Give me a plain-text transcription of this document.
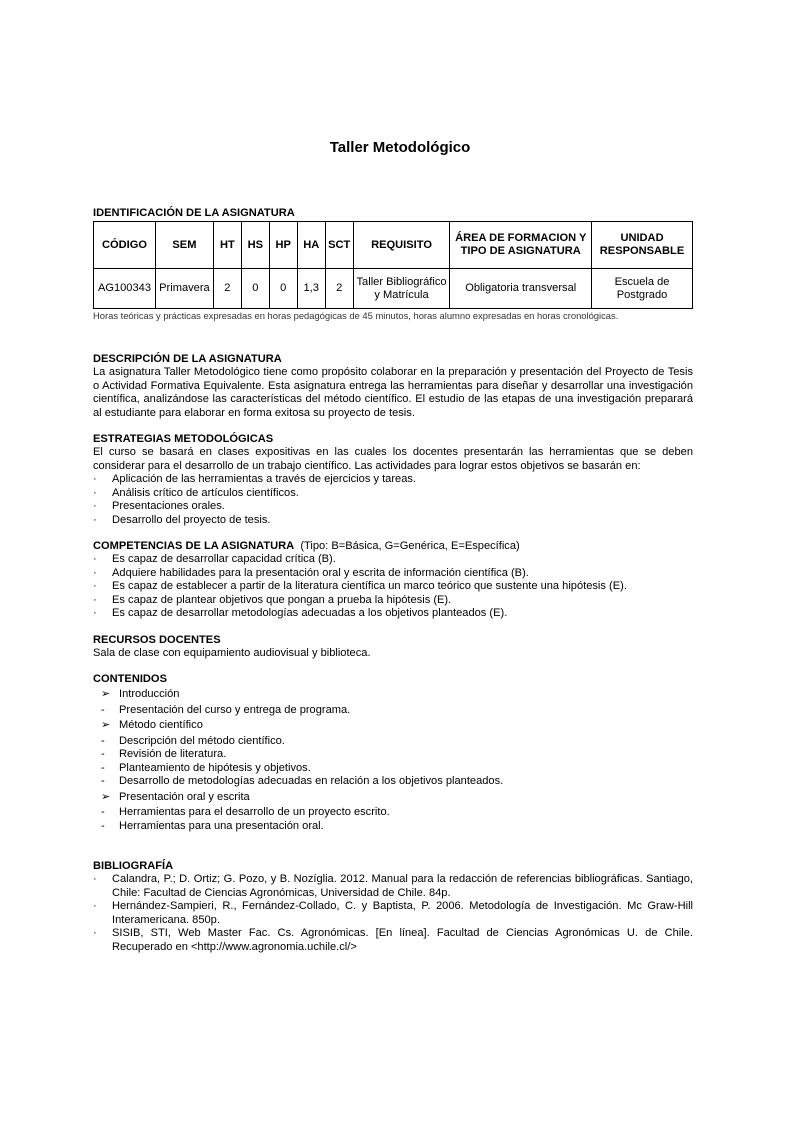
Taller Metodológico
IDENTIFICACIÓN DE LA ASIGNATURA
CÓDIGO	SEM	HT	HS	HP	HA	SCT	REQUISITO	ÁREA DE FORMACION Y TIPO DE ASIGNATURA	UNIDAD RESPONSABLE
AG100343	Primavera	2	0	0	1,3	2	Taller Bibliográfico y Matrícula	Obligatoria transversal	Escuela de Postgrado
Horas teóricas y prácticas expresadas en horas pedagógicas de 45 minutos, horas alumno expresadas en horas cronológicas.
DESCRIPCIÓN DE LA ASIGNATURA

La asignatura Taller Metodológico tiene como propósito colaborar en la preparación y presentación del Proyecto de Tesis o Actividad Formativa Equivalente. Esta asignatura entrega las herramientas para diseñar y desarrollar una investigación científica, analizándose las características del método científico. El estudio de las etapas de una investigación preparará al estudiante para elaborar en forma exitosa su proyecto de tesis.

ESTRATEGIAS METODOLÓGICAS

El curso se basará en clases expositivas en las cuales los docentes presentarán las herramientas que se deben considerar para el desarrollo de un trabajo científico. Las actividades para lograr estos objetivos se basarán en:

· Aplicación de las herramientas a través de ejercicios y tareas.
· Análisis crítico de artículos científicos.
· Presentaciones orales.
· Desarrollo del proyecto de tesis.
COMPETENCIAS DE LA ASIGNATURA (Tipo: B=Básica, G=Genérica, E=Específica)
· Es capaz de desarrollar capacidad crítica (B).
· Adquiere habilidades para la presentación oral y escrita de información científica (B).
· Es capaz de establecer a partir de la literatura científica un marco teórico que sustente una hipótesis (E).
· Es capaz de plantear objetivos que pongan a prueba la hipótesis (E).
· Es capaz de desarrollar metodologías adecuadas a los objetivos planteados (E).
RECURSOS DOCENTES

Sala de clase con equipamiento audiovisual y biblioteca.

CONTENIDOS
➢ Introducción
- Presentación del curso y entrega de programa.
➢ Método científico
- Descripción del método científico.
- Revisión de literatura.
- Planteamiento de hipótesis y objetivos.
- Desarrollo de metodologías adecuadas en relación a los objetivos planteados.
➢ Presentación oral y escrita
- Herramientas para el desarrollo de un proyecto escrito.
- Herramientas para una presentación oral.
BIBLIOGRAFÍA
· Calandra, P.; D. Ortiz; G. Pozo, y B. Nozíglia. 2012. Manual para la redacción de referencias bibliográficas. Santiago, Chile: Facultad de Ciencias Agronómicas, Universidad de Chile. 84p.
· Hernández-Sampieri, R., Fernández-Collado, C. y Baptista, P. 2006. Metodología de Investigación. Mc Graw-Hill Interamericana. 850p.
· SISIB, STI, Web Master Fac. Cs. Agronómicas. [En línea]. Facultad de Ciencias Agronómicas U. de Chile. Recuperado en <http://www.agronomia.uchile.cl/>
